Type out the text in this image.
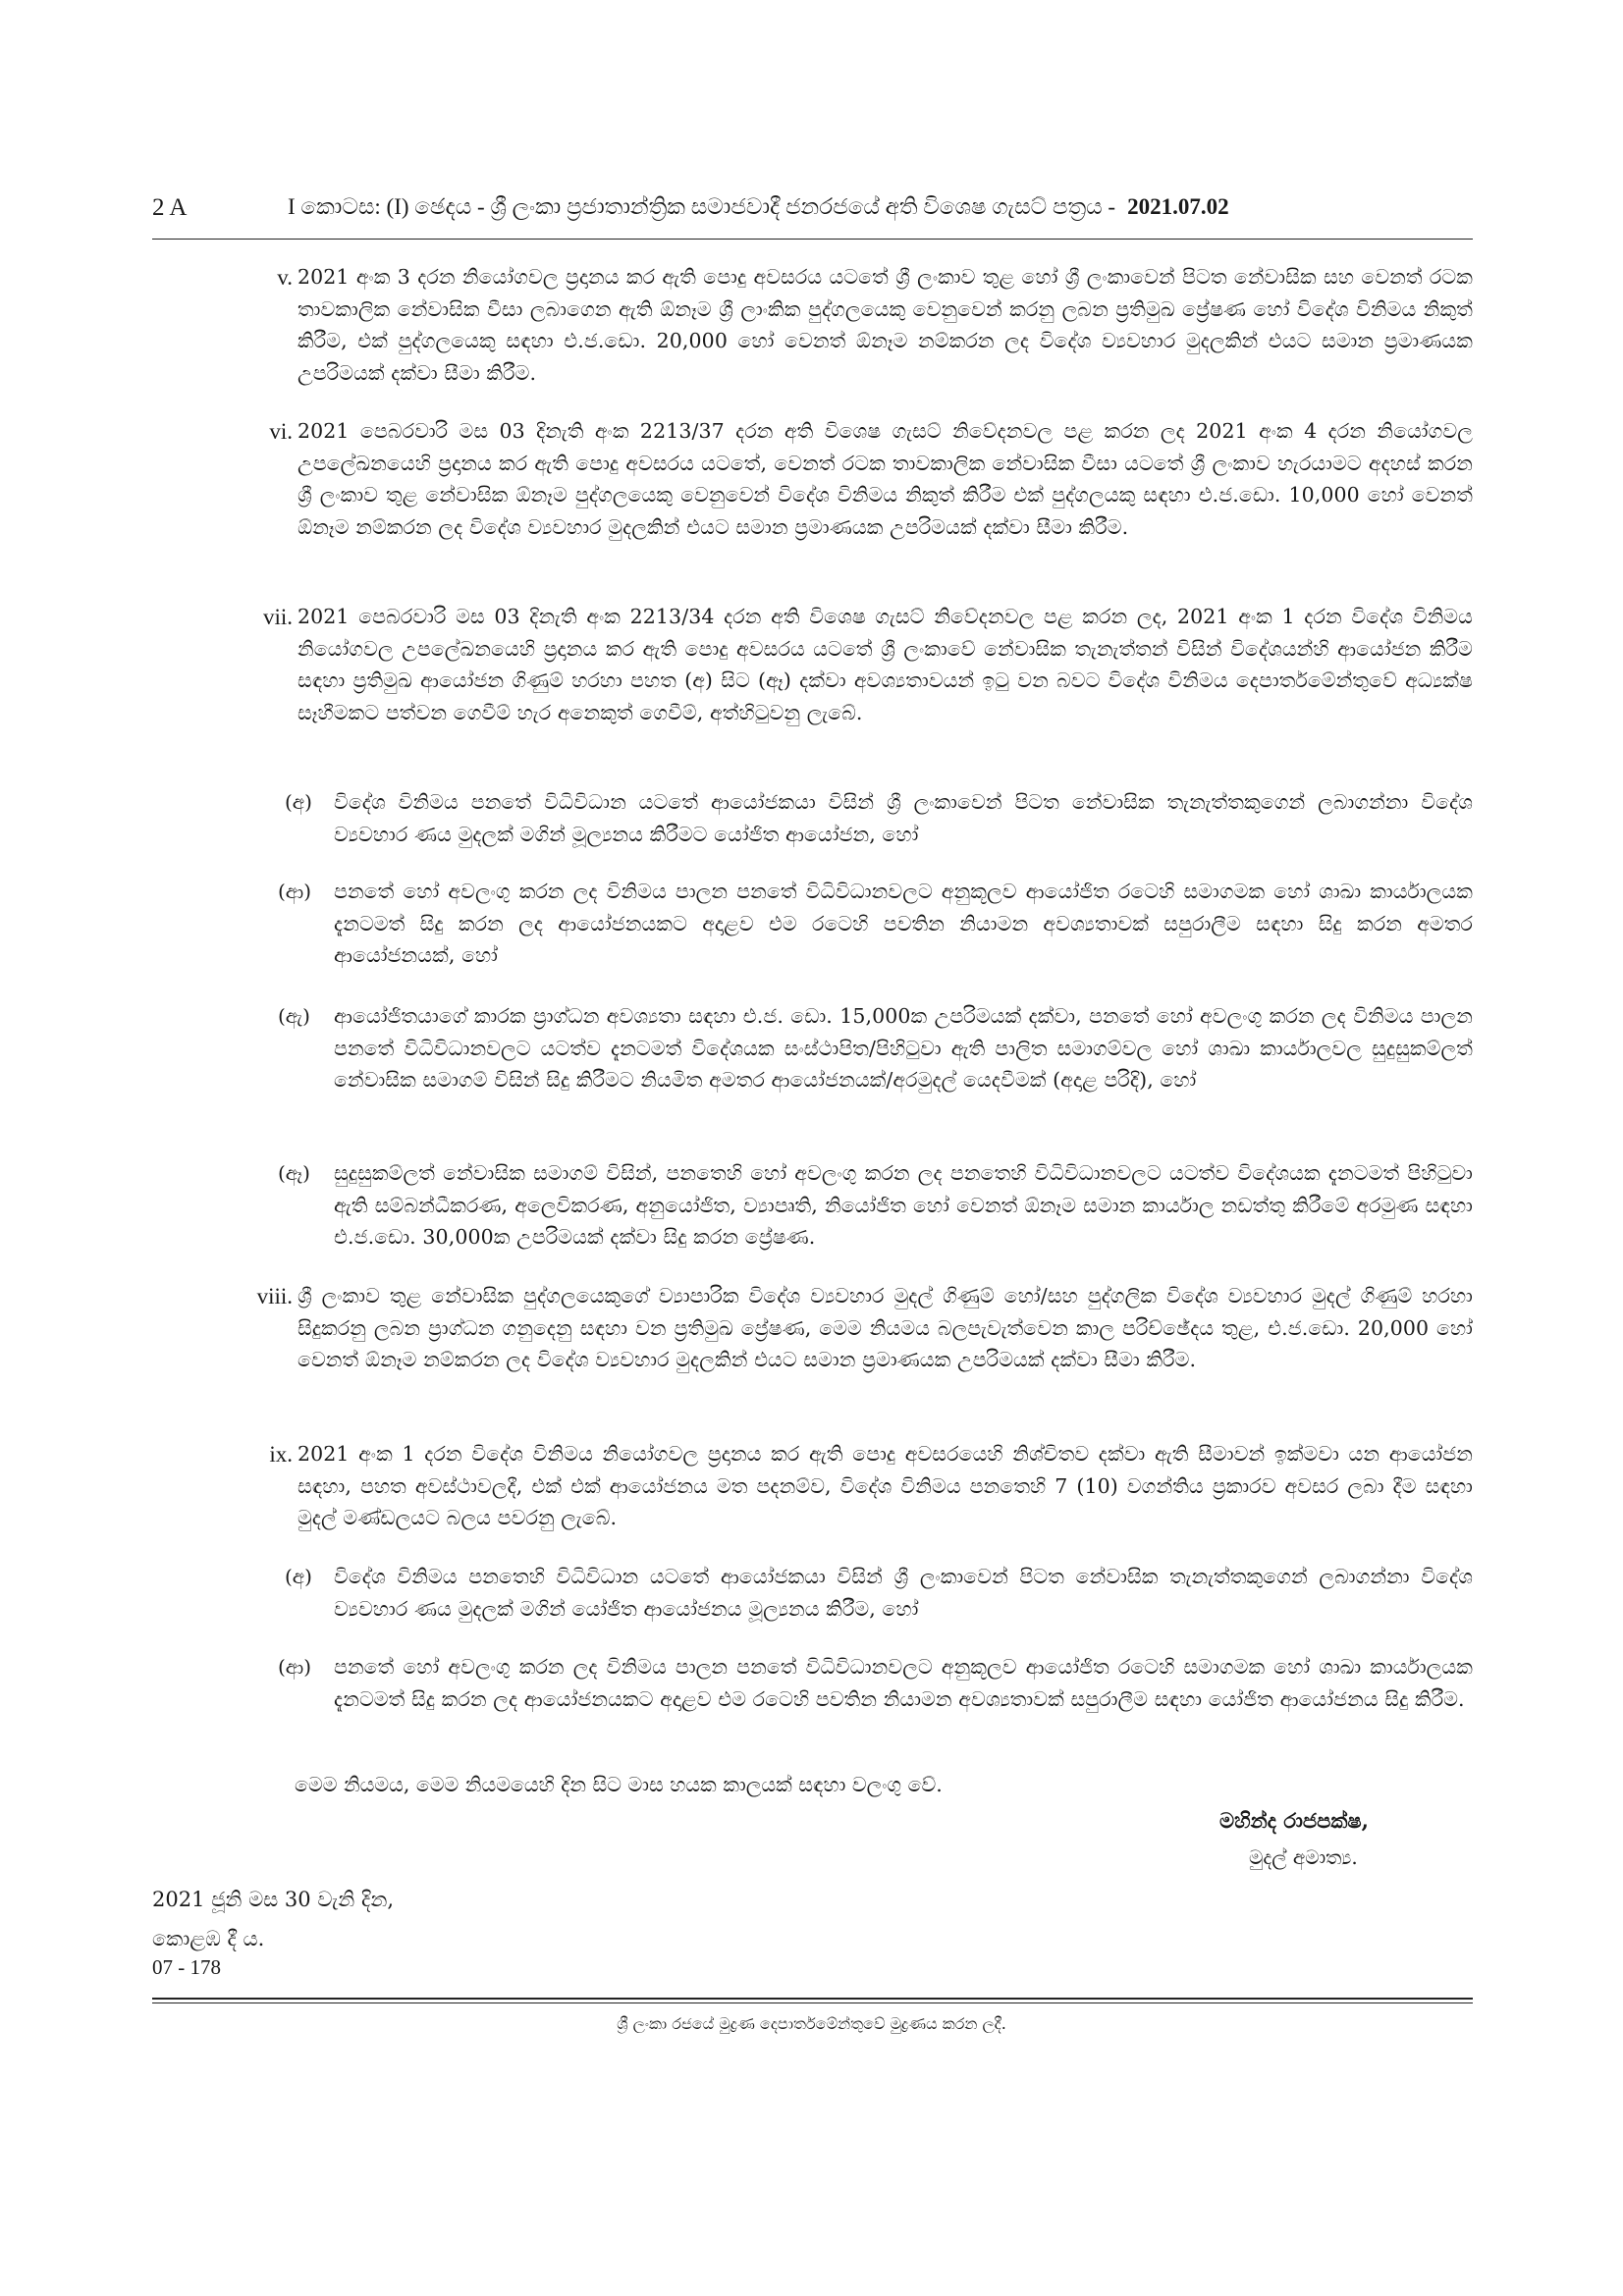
2 A	I කොටස: (I) ඡෙදය - ශ්‍රී ලංකා ප්‍රජාතාන්ත්‍රික සමාජවාදී ජනරජයේ අති විශෙෂ ගැසට් පත්‍රය - 2021.07.02
v. 2021 අංක 3 දරන නියෝගවල ප්‍රදානය කර ඇති පොදු අවසරය යටතේ ශ්‍රී ලංකාව තුළ හෝ ශ්‍රී ලංකාවෙන් පිටත නේවාසික සහ වෙනත් රටක තාවකාලික නේවාසික වීසා ලබාගෙන ඇති ඕනෑම ශ්‍රී ලාංකික පුද්ගලයෙකු වෙනුවෙන් කරනු ලබන ප්‍රතිමුඛ ප්‍රේෂණ හෝ විදේශ විනිමය නිකුත් කිරීම, එක් පුද්ගලයෙකු සඳහා එ.ජ.ඩො. 20,000 හෝ වෙනත් ඕනෑම නම්කරන ලද විදේශ ව්‍යවහාර මුදලකින් එයට සමාන ප්‍රමාණයක උපරිමයක් දක්වා සීමා කිරීම.
vi. 2021 පෙබරවාරි මස 03 දිනැති අංක 2213/37 දරන අති විශෙෂ ගැසට් නිවේදනවල පළ කරන ලද 2021 අංක 4 දරන නියෝගවල උපලේඛනයෙහි ප්‍රදානය කර ඇති පොදු අවසරය යටතේ, වෙනත් රටක තාවකාලික නේවාසික වීසා යටතේ ශ්‍රී ලංකාව හැරයාමට අදහස් කරන ශ්‍රී ලංකාව තුළ නේවාසික ඕනෑම පුද්ගලයෙකු වෙනුවෙන් විදේශ විනිමය නිකුත් කිරීම එක් පුද්ගලයකු සඳහා එ.ජ.ඩො. 10,000 හෝ වෙනත් ඕනෑම නම්කරන ලද විදේශ ව්‍යවහාර මුදලකින් එයට සමාන ප්‍රමාණයක උපරිමයක් දක්වා සීමා කිරීම.
vii. 2021 පෙබරවාරි මස 03 දිනැති අංක 2213/34 දරන අති විශෙෂ ගැසට් නිවේදනවල පළ කරන ලද, 2021 අංක 1 දරන විදේශ විනිමය නියෝගවල උපලේඛනයෙහි ප්‍රදානය කර ඇති පොදු අවසරය යටතේ ශ්‍රී ලංකාවේ නේවාසික තැනැත්තන් විසින් විදේශයන්හි ආයෝජන කිරීම සඳහා ප්‍රතිමුඛ ආයෝජන ගිණුම් හරහා පහත (අ) සිට (ඈ) දක්වා අවශ්‍යතාවයන් ඉටු වන බවට විදේශ විනිමය දෙපාර්තමේන්තුවේ අධ්‍යක්ෂ සෑහීමකට පත්වන ගෙවීම් හැර අනෙකුත් ගෙවීම්, අත්හිටුවනු ලැබේ.
(අ) විදේශ විනිමය පනතේ විධිවිධාන යටතේ ආයෝජකයා විසින් ශ්‍රී ලංකාවෙන් පිටත නේවාසික තැනැත්තකුගෙන් ලබාගන්නා විදේශ ව්‍යවහාර ණය මුදලක් මගින් මූල්‍යනය කිරීමට යෝජිත ආයෝජන, හෝ
(ආ) පනතේ හෝ අවලංගු කරන ලද විනිමය පාලන පනතේ විධිවිධානවලට අනුකූලව ආයෝජිත රටෙහි සමාගමක හෝ ශාඛා කාර්යාලයක දැනටමත් සිදු කරන ලද ආයෝජනයකට අදාළව එම රටෙහි පවතින නියාමන අවශ්‍යතාවක් සපුරාලීම සඳහා සිදු කරන අමතර ආයෝජනයක්, හෝ
(ඇ) ආයෝජිතයාගේ කාරක ප්‍රාග්ධන අවශ්‍යතා සඳහා එ.ජ. ඩො. 15,000ක උපරිමයක් දක්වා, පනතේ හෝ අවලංගු කරන ලද විනිමය පාලන පනතේ විධිවිධානවලට යටත්ව දැනටමත් විදේශයක සංස්ථාපිත/පිහිටුවා ඇති පාලිත සමාගම්වල හෝ ශාඛා කාර්යාලවල සුදුසුකම්ලත් නේවාසික සමාගම් විසින් සිදු කිරීමට නියමිත අමතර ආයෝජනයක්/අරමුදල් යෙදවීමක් (අදාළ පරිදි), හෝ
(ඈ) සුදුසුකම්ලත් නේවාසික සමාගම් විසින්, පනතෙහි හෝ අවලංගු කරන ලද පනතෙහි විධිවිධානවලට යටත්ව විදේශයක දැනටමත් පිහිටුවා ඇති සම්බන්ධීකරණ, අලෙවිකරණ, අනුයෝජිත, ව්‍යාපෘති, නියෝජිත හෝ වෙනත් ඕනෑම සමාන කාර්යාල නඩත්තු කිරීමේ අරමුණ සඳහා එ.ජ.ඩො. 30,000ක උපරිමයක් දක්වා සිදු කරන ප්‍රේෂණ.
viii. ශ්‍රී ලංකාව තුළ නේවාසික පුද්ගලයෙකුගේ ව්‍යාපාරික විදේශ ව්‍යවහාර මුදල් ගිණුම් හෝ/සහ පුද්ගලික විදේශ ව්‍යවහාර මුදල් ගිණුම් හරහා සිදුකරනු ලබන ප්‍රාග්ධන ගනුදෙනු සඳහා වන ප්‍රතිමුඛ ප්‍රේෂණ, මෙම නියමය බලපැවැත්වෙන කාල පරිච්ඡේදය තුළ, එ.ජ.ඩො. 20,000 හෝ වෙනත් ඕනෑම නම්කරන ලද විදේශ ව්‍යවහාර මුදලකින් එයට සමාන ප්‍රමාණයක උපරිමයක් දක්වා සීමා කිරීම.
ix. 2021 අංක 1 දරන විදේශ විනිමය නියෝගවල ප්‍රදානය කර ඇති පොදු අවසරයෙහි නිශ්චිතව දක්වා ඇති සීමාවන් ඉක්මවා යන ආයෝජන සඳහා, පහත අවස්ථාවලදී, එක් එක් ආයෝජනය මත පදනම්ව, විදේශ විනිමය පනතෙහි 7 (10) වගන්තිය ප්‍රකාරව අවසර ලබා දීම සඳහා මුදල් මණ්ඩලයට බලය පවරනු ලැබේ.
(අ) විදේශ විනිමය පනතෙහි විධිවිධාන යටතේ ආයෝජකයා විසින් ශ්‍රී ලංකාවෙන් පිටත නේවාසික තැනැත්තකුගෙන් ලබාගන්නා විදේශ ව්‍යවහාර ණය මුදලක් මගින් යෝජිත ආයෝජනය මූල්‍යනය කිරීම, හෝ
(ආ) පනතේ හෝ අවලංගු කරන ලද විනිමය පාලන පනතේ විධිවිධානවලට අනුකූලව ආයෝජිත රටෙහි සමාගමක හෝ ශාඛා කාර්යාලයක දැනටමත් සිදු කරන ලද ආයෝජනයකට අදාළව එම රටෙහි පවතින නියාමන අවශ්‍යතාවක් සපුරාලීම සඳහා යෝජිත ආයෝජනය සිදු කිරීම.
මෙම නියමය, මෙම නියමයෙහි දින සිට මාස හයක කාලයක් සඳහා වලංගු වේ.
මහින්ද රාජපක්ෂ,
මුදල් අමාත්‍ය.
2021 ජූනි මස 30 වැනි දින,
කොළඹ දී ය.
07 - 178
ශ්‍රී ලංකා රජයේ මුද්‍රණ දෙපාර්තමේන්තුවේ මුද්‍රණය කරන ලදී.
